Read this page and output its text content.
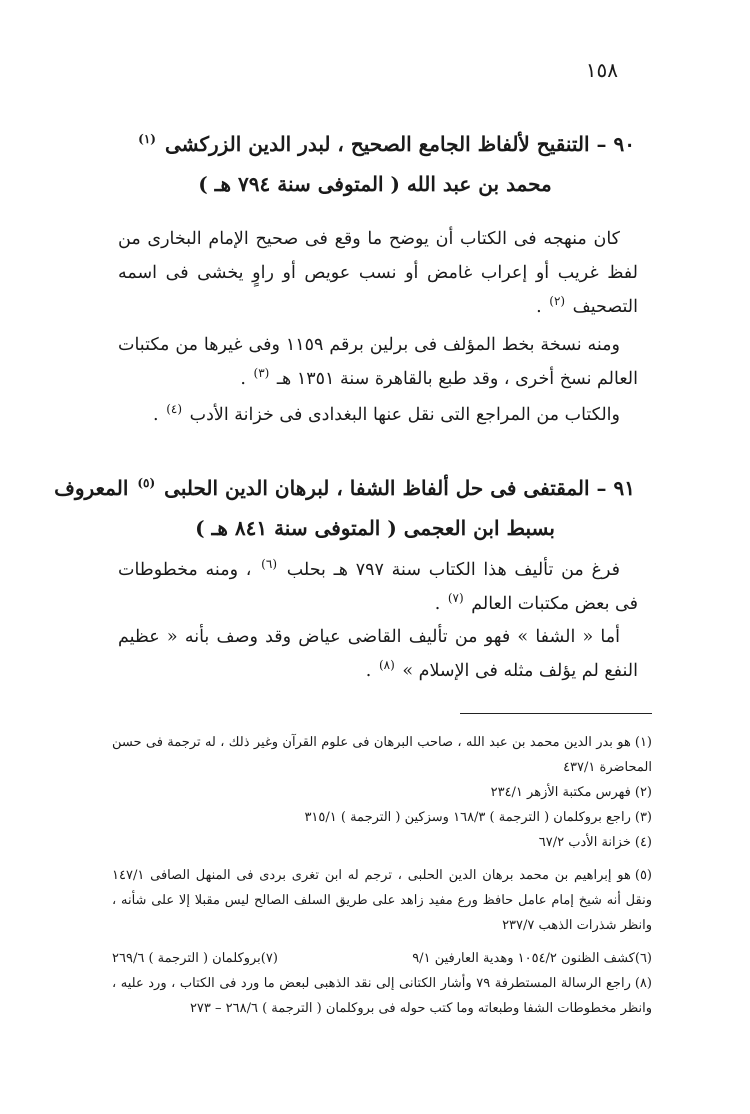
١٥٨
٩٠ – التنقيح لألفاظ الجامع الصحيح ، لبدر الدين الزركشى $^{(١)}$
محمد بن عبد الله ( المتوفى سنة ٧٩٤ هـ )

كان منهجه فى الكتاب أن يوضح ما وقع فى صحيح الإمام البخارى من لفظ غريب أو إعراب غامض أو نسب عويص أو راوٍ يخشى فى اسمه التصحيف $^{(٢)}$ .

ومنه نسخة بخط المؤلف فى برلين برقم ١١٥٩ وفى غيرها من مكتبات العالم نسخ أخرى ، وقد طبع بالقاهرة سنة ١٣٥١ هـ $^{(٣)}$ .

والكتاب من المراجع التى نقل عنها البغدادى فى خزانة الأدب $^{(٤)}$ .

٩١ – المقتفى فى حل ألفاظ الشفا ، لبرهان الدين الحلبى $^{(٥)}$ المعروف
بسبط ابن العجمى ( المتوفى سنة ٨٤١ هـ )

فرغ من تأليف هذا الكتاب سنة ٧٩٧ هـ بحلب $^{(٦)}$ ، ومنه مخطوطات فى بعض مكتبات العالم $^{(٧)}$ .

أما « الشفا » فهو من تأليف القاضى عياض وقد وصف بأنه « عظيم النفع لم يؤلف مثله فى الإسلام » $^{(٨)}$ .

(١)هو بدر الدين محمد بن عبد الله ، صاحب البرهان فى علوم القرآن وغير ذلك ، له ترجمة فى حسن المحاضرة ٤٣٧/١

(٢)فهرس مكتبة الأزهر ٢٣٤/١

(٣)راجع بروكلمان ( الترجمة ) ١٦٨/٣ وسزكين ( الترجمة ) ٣١٥/١

(٤)خزانة الأدب ٦٧/٢

(٥)هو إبراهيم بن محمد برهان الدين الحلبى ، ترجم له ابن تغرى بردى فى المنهل الصافى ١٤٧/١ ونقل أنه شيخ إمام عامل حافظ ورع مفيد زاهد على طريق السلف الصالح ليس مقبلا إلا على شأنه ، وانظر شذرات الذهب ٢٣٧/٧

(٦)كشف الظنون ١٠٥٤/٢ وهدية العارفين ٩/١
(٧)بروكلمان ( الترجمة ) ٢٦٩/٦

(٨)راجع الرسالة المستطرفة ٧٩ وأشار الكتانى إلى نقد الذهبى لبعض ما ورد فى الكتاب ، ورد عليه ، وانظر مخطوطات الشفا وطبعاته وما كتب حوله فى بروكلمان ( الترجمة ) ٢٦٨/٦ – ٢٧٣
